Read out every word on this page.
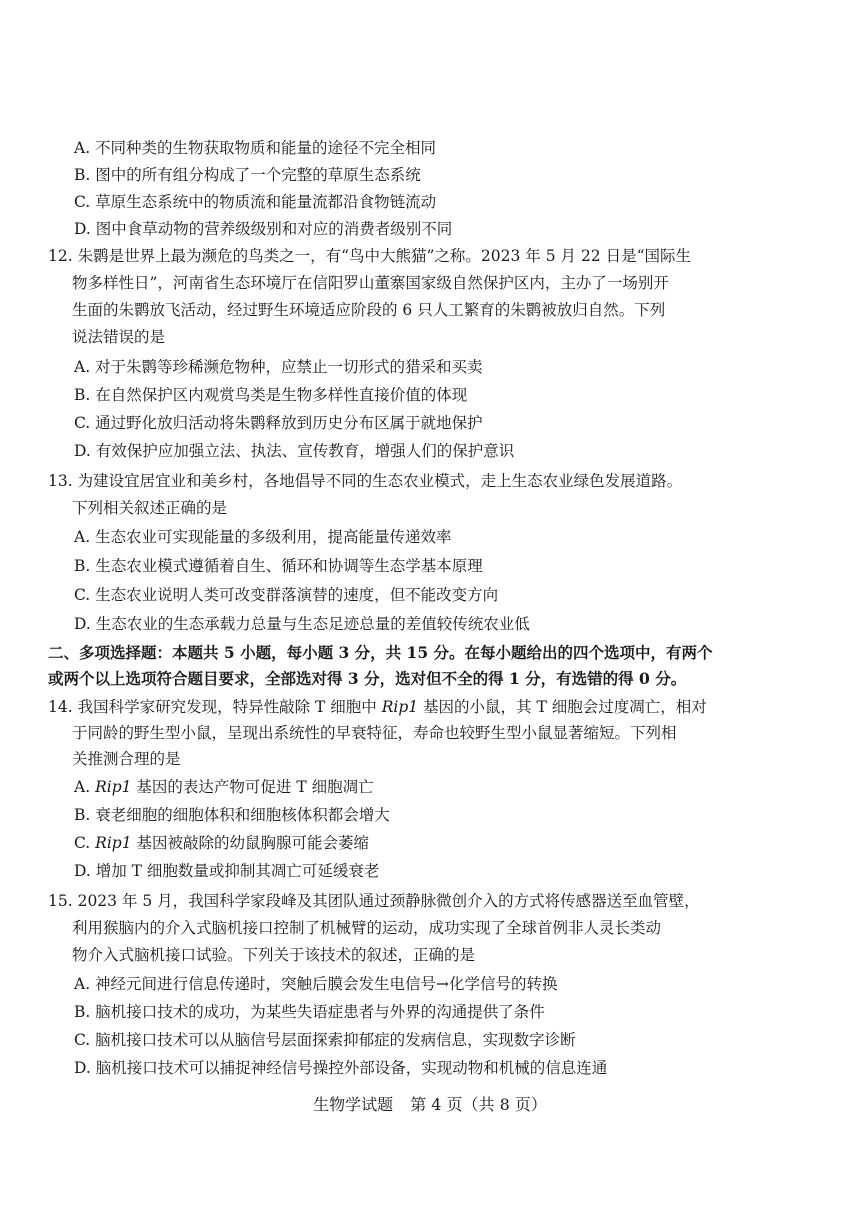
A. 不同种类的生物获取物质和能量的途径不完全相同
B. 图中的所有组分构成了一个完整的草原生态系统
C. 草原生态系统中的物质流和能量流都沿食物链流动
D. 图中食草动物的营养级级别和对应的消费者级别不同
12. 朱鹮是世界上最为濒危的鸟类之一，有“鸟中大熊猫”之称。2023 年 5 月 22 日是“国际生
物多样性日”，河南省生态环境厅在信阳罗山董寨国家级自然保护区内，主办了一场别开
生面的朱鹮放飞活动，经过野生环境适应阶段的 6 只人工繁育的朱鹮被放归自然。下列
说法错误的是
A. 对于朱鹮等珍稀濒危物种，应禁止一切形式的猎采和买卖
B. 在自然保护区内观赏鸟类是生物多样性直接价值的体现
C. 通过野化放归活动将朱鹮释放到历史分布区属于就地保护
D. 有效保护应加强立法、执法、宣传教育，增强人们的保护意识
13. 为建设宜居宜业和美乡村，各地倡导不同的生态农业模式，走上生态农业绿色发展道路。
下列相关叙述正确的是
A. 生态农业可实现能量的多级利用，提高能量传递效率
B. 生态农业模式遵循着自生、循环和协调等生态学基本原理
C. 生态农业说明人类可改变群落演替的速度，但不能改变方向
D. 生态农业的生态承载力总量与生态足迹总量的差值较传统农业低
二、多项选择题：本题共 5 小题，每小题 3 分，共 15 分。在每小题给出的四个选项中，有两个
或两个以上选项符合题目要求，全部选对得 3 分，选对但不全的得 1 分，有选错的得 0 分。
14. 我国科学家研究发现，特异性敲除 T 细胞中 Rip1 基因的小鼠，其 T 细胞会过度凋亡，相对
于同龄的野生型小鼠，呈现出系统性的早衰特征，寿命也较野生型小鼠显著缩短。下列相
关推测合理的是
A. Rip1 基因的表达产物可促进 T 细胞凋亡
B. 衰老细胞的细胞体积和细胞核体积都会增大
C. Rip1 基因被敲除的幼鼠胸腺可能会萎缩
D. 增加 T 细胞数量或抑制其凋亡可延缓衰老
15. 2023 年 5 月，我国科学家段峰及其团队通过颈静脉微创介入的方式将传感器送至血管壁，
利用猴脑内的介入式脑机接口控制了机械臂的运动，成功实现了全球首例非人灵长类动
物介入式脑机接口试验。下列关于该技术的叙述，正确的是
A. 神经元间进行信息传递时，突触后膜会发生电信号→化学信号的转换
B. 脑机接口技术的成功，为某些失语症患者与外界的沟通提供了条件
C. 脑机接口技术可以从脑信号层面探索抑郁症的发病信息，实现数字诊断
D. 脑机接口技术可以捕捉神经信号操控外部设备，实现动物和机械的信息连通
生物学试题 第 4 页（共 8 页）
